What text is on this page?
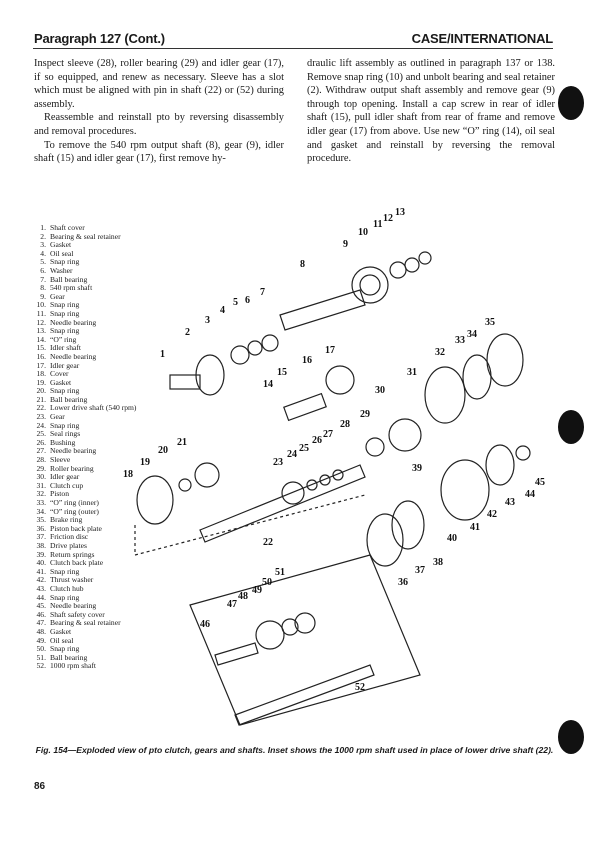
Paragraph 127 (Cont.)	CASE/INTERNATIONAL

Inspect sleeve (28), roller bearing (29) and idler gear (17), if so equipped, and renew as necessary. Sleeve has a slot which must be aligned with pin in shaft (22) or (52) during assembly.

Reassemble and reinstall pto by reversing disassembly and removal procedures.

To remove the 540 rpm output shaft (8), gear (9), idler shaft (15) and idler gear (17), first remove hy-

draulic lift assembly as outlined in paragraph 137 or 138. Remove snap ring (10) and unbolt bearing and seal retainer (2). Withdraw output shaft assembly and remove gear (9) through top opening. Install a cap screw in rear of idler shaft (15), pull idler shaft from rear of frame and remove idler gear (17) from above. Use new “O” ring (14), oil seal and gasket and reinstall by reversing the removal procedure.

1. Shaft cover
2. Bearing & seal retainer
3. Gasket
4. Oil seal
5. Snap ring
6. Washer
7. Ball bearing
8. 540 rpm shaft
9. Gear
10. Snap ring
11. Snap ring
12. Needle bearing
13. Snap ring
14. “O” ring
15. Idler shaft
16. Needle bearing
17. Idler gear
18. Cover
19. Gasket
20. Snap ring
21. Ball bearing
22. Lower drive shaft (540 rpm)
23. Gear
24. Snap ring
25. Seal rings
26. Bushing
27. Needle bearing
28. Sleeve
29. Roller bearing
30. Idler gear
31. Clutch cup
32. Piston
33. “O” ring (inner)
34. “O” ring (outer)
35. Brake ring
36. Piston back plate
37. Friction disc
38. Drive plates
39. Return springs
40. Clutch back plate
41. Snap ring
42. Thrust washer
43. Clutch hub
44. Snap ring
45. Needle bearing
46. Shaft safety cover
47. Bearing & seal retainer
48. Gasket
49. Oil seal
50. Snap ring
51. Ball bearing
52. 1000 rpm shaft
1
2
3
4
5 6
7
8
9
10
11
12
13
14
15
16
17
18
19
20
21
22
23
24
25
26
27
28
29
30
31
32
33
34
35
36
37
38
39
40
41
42
43
44
45
46
47
48
49
50
51
52
Fig. 154—Exploded view of pto clutch, gears and shafts. Inset shows the 1000 rpm shaft used in place of lower drive shaft (22).
86
